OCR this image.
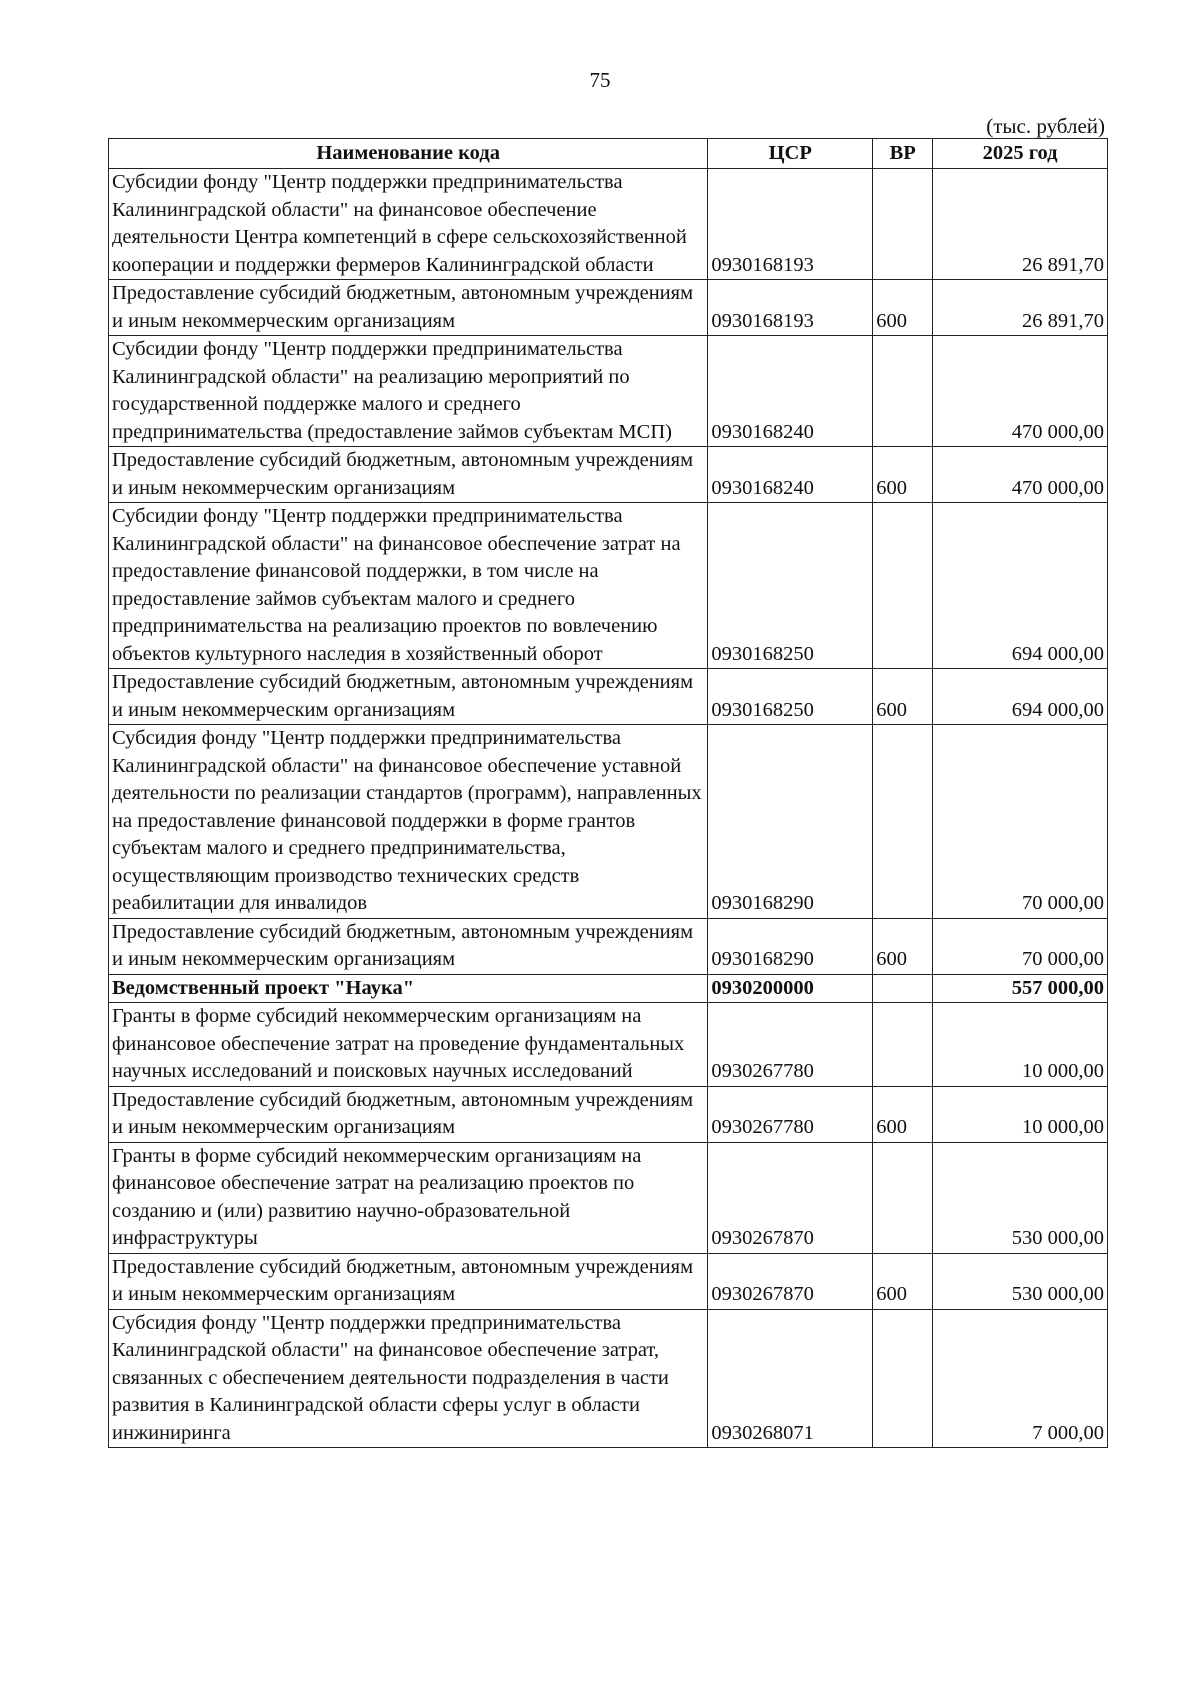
75
(тыс. рублей)
Наименование кода	ЦСР	ВР	2025 год
Субсидии фонду "Центр поддержки предпринимательства Калининградской области" на финансовое обеспечение деятельности Центра компетенций в сфере сельскохозяйственной кооперации и поддержки фермеров Калининградской области	0930168193		26 891,70
Предоставление субсидий бюджетным, автономным учреждениям и иным некоммерческим организациям	0930168193	600	26 891,70
Субсидии фонду "Центр поддержки предпринимательства Калининградской области" на реализацию мероприятий по государственной поддержке малого и среднего предпринимательства (предоставление займов субъектам МСП)	0930168240		470 000,00
Предоставление субсидий бюджетным, автономным учреждениям и иным некоммерческим организациям	0930168240	600	470 000,00
Субсидии фонду "Центр поддержки предпринимательства Калининградской области" на финансовое обеспечение затрат на предоставление финансовой поддержки, в том числе на предоставление займов субъектам малого и среднего предпринимательства на реализацию проектов по вовлечению объектов культурного наследия в хозяйственный оборот	0930168250		694 000,00
Предоставление субсидий бюджетным, автономным учреждениям и иным некоммерческим организациям	0930168250	600	694 000,00
Субсидия фонду "Центр поддержки предпринимательства Калининградской области" на финансовое обеспечение уставной деятельности по реализации стандартов (программ), направленных на предоставление финансовой поддержки в форме грантов субъектам малого и среднего предпринимательства, осуществляющим производство технических средств реабилитации для инвалидов	0930168290		70 000,00
Предоставление субсидий бюджетным, автономным учреждениям и иным некоммерческим организациям	0930168290	600	70 000,00
Ведомственный проект "Наука"	0930200000		557 000,00
Гранты в форме субсидий некоммерческим организациям на финансовое обеспечение затрат на проведение фундаментальных научных исследований и поисковых научных исследований	0930267780		10 000,00
Предоставление субсидий бюджетным, автономным учреждениям и иным некоммерческим организациям	0930267780	600	10 000,00
Гранты в форме субсидий некоммерческим организациям на финансовое обеспечение затрат на реализацию проектов по созданию и (или) развитию научно-образовательной инфраструктуры	0930267870		530 000,00
Предоставление субсидий бюджетным, автономным учреждениям и иным некоммерческим организациям	0930267870	600	530 000,00
Субсидия фонду "Центр поддержки предпринимательства Калининградской области" на финансовое обеспечение затрат, связанных с обеспечением деятельности подразделения в части развития в Калининградской области сферы услуг в области инжиниринга	0930268071		7 000,00
